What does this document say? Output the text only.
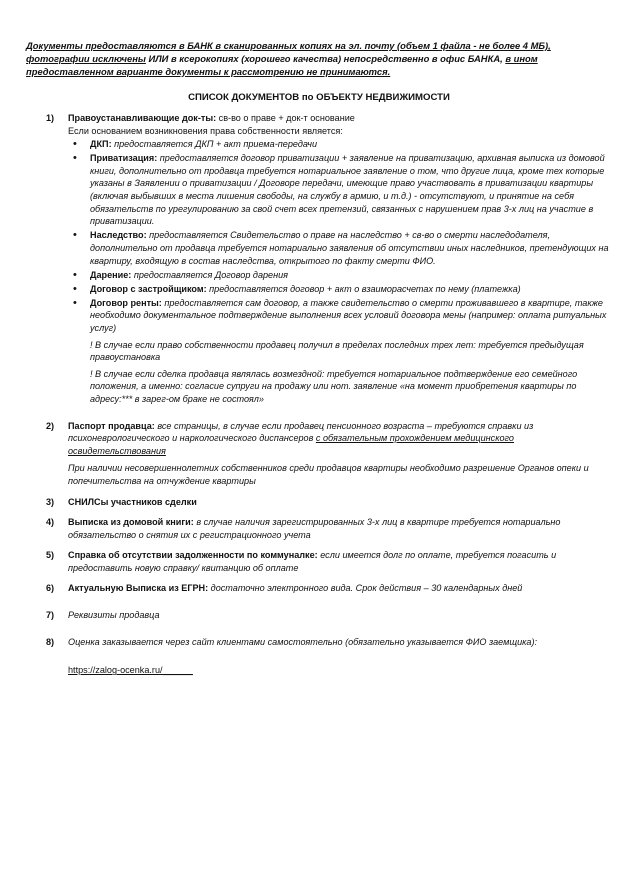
Документы предоставляются в БАНК в сканированных копиях на эл. почту (объем 1 файла - не более 4 МБ), фотографии исключены ИЛИ в ксерокопиях (хорошего качества) непосредственно в офис БАНКА, в ином предоставленном варианте документы к рассмотрению не принимаются.
СПИСОК ДОКУМЕНТОВ по ОБЪЕКТУ НЕДВИЖИМОСТИ
1) Правоустанавливающие док-ты: св-во о праве + док-т основание
Если основанием возникновения права собственности является:
• ДКП: предоставляется ДКП + акт приема-передачи
• Приватизация: предоставляется договор приватизации + заявление на приватизацию, архивная выписка из домовой книги, дополнительно от продавца требуется нотариальное заявление о том, что другие лица, кроме тех которые указаны в Заявлении о приватизации / Договоре передачи, имеющие право участвовать в приватизации квартиры (включая выбывших в места лишения свободы, на службу в армию, и т.д.) - отсутствуют, и принятие на себя обязательств по урегулированию за свой счет всех претензий, связанных с нарушением прав 3-х лиц на участие в приватизации.
• Наследство: предоставляется Свидетельство о праве на наследство + св-во о смерти наследодателя, дополнительно от продавца требуется нотариально заявления об отсутствии иных наследников, претендующих на квартиру, входящую в состав наследства, открытого по факту смерти ФИО.
• Дарение: предоставляется Договор дарения
• Договор с застройщиком: предоставляется договор + акт о взаиморасчетах по нему (платежка)
• Договор ренты: предоставляется сам договор, а также свидетельство о смерти проживавшего в квартире, также необходимо документальное подтверждение выполнения всех условий договора мены (например: оплата ритуальных услуг)
! В случае если право собственности продавец получил в пределах последних трех лет: требуется предыдущая правоустановка
! В случае если сделка продавца являлась возмездной: требуется нотариальное подтверждение его семейного положения, а именно: согласие супруги на продажу или нот. заявление «на момент приобретения квартиры по адресу:*** в зарег-ом браке не состоял»
2) Паспорт продавца: все страницы, в случае если продавец пенсионного возраста – требуются справки из психоневрологического и наркологического диспансеров с обязательным прохождением медицинского освидетельствования
При наличии несовершеннолетних собственников среди продавцов квартиры необходимо разрешение Органов опеки и попечительства на отчуждение квартиры
3) СНИЛСы участников сделки
4) Выписка из домовой книги: в случае наличия зарегистрированных 3-х лиц в квартире требуется нотариально обязательство о снятия их с регистрационного учета
5) Справка об отсутствии задолженности по коммуналке: если имеется долг по оплате, требуется погасить и предоставить новую справку/ квитанцию об оплате
6) Актуальную Выписка из ЕГРН: достаточно электронного вида. Срок действия – 30 календарных дней
7) Реквизиты продавца
8) Оценка заказывается через сайт клиентами самостоятельно (обязательно указывается ФИО заемщика):
https://zalog-ocenka.ru/______
